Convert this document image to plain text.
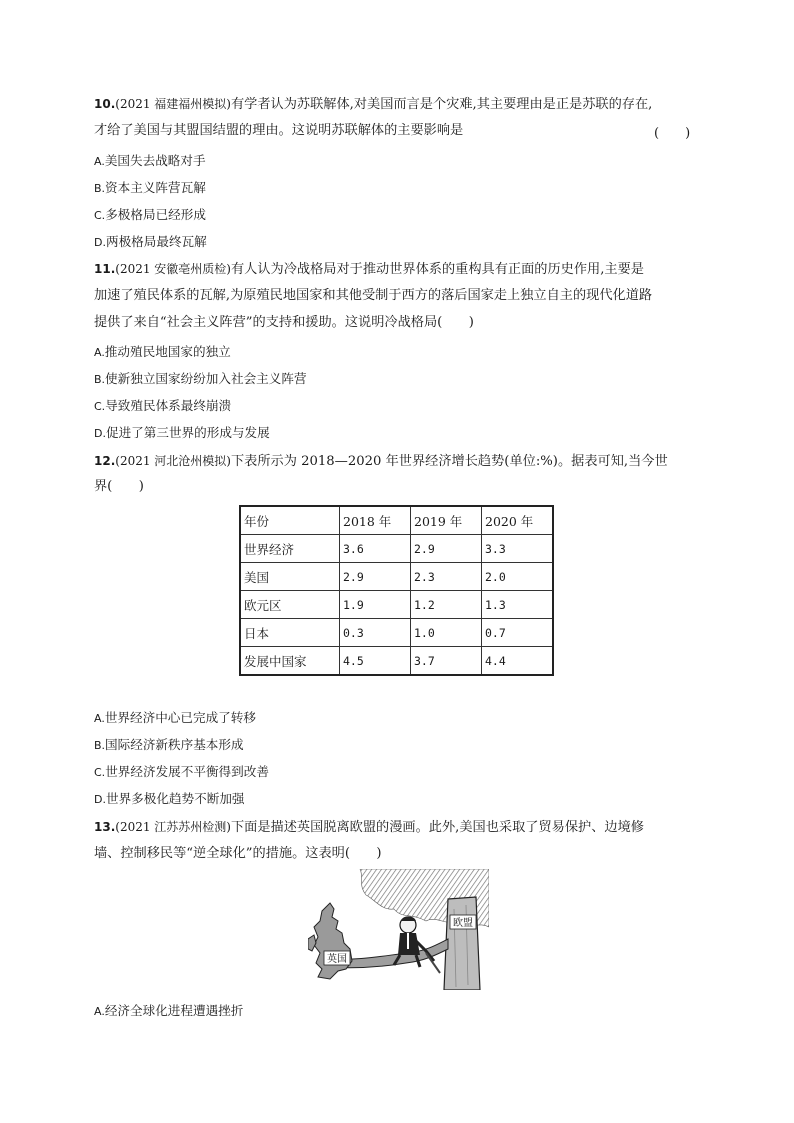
10.(2021 福建福州模拟)有学者认为苏联解体,对美国而言是个灾难,其主要理由是正是苏联的存在,
才给了美国与其盟国结盟的理由。这说明苏联解体的主要影响是	(　　)
A.美国失去战略对手
B.资本主义阵营瓦解
C.多极格局已经形成
D.两极格局最终瓦解
11.(2021 安徽亳州质检)有人认为冷战格局对于推动世界体系的重构具有正面的历史作用,主要是
加速了殖民体系的瓦解,为原殖民地国家和其他受制于西方的落后国家走上独立自主的现代化道路
提供了来自“社会主义阵营”的支持和援助。这说明冷战格局(　　)
A.推动殖民地国家的独立
B.使新独立国家纷纷加入社会主义阵营
C.导致殖民体系最终崩溃
D.促进了第三世界的形成与发展
12.(2021 河北沧州模拟)下表所示为 2018—2020 年世界经济增长趋势(单位:%)。据表可知,当今世
界(　　)
年份	2018 年	2019 年	2020 年
世界经济	3.6	2.9	3.3
美国	2.9	2.3	2.0
欧元区	1.9	1.2	1.3
日本	0.3	1.0	0.7
发展中国家	4.5	3.7	4.4
A.世界经济中心已完成了转移
B.国际经济新秩序基本形成
C.世界经济发展不平衡得到改善
D.世界多极化趋势不断加强
13.(2021 江苏苏州检测)下面是描述英国脱离欧盟的漫画。此外,美国也采取了贸易保护、边境修
墙、控制移民等“逆全球化”的措施。这表明(　　)
欧盟
英国
A.经济全球化进程遭遇挫折
